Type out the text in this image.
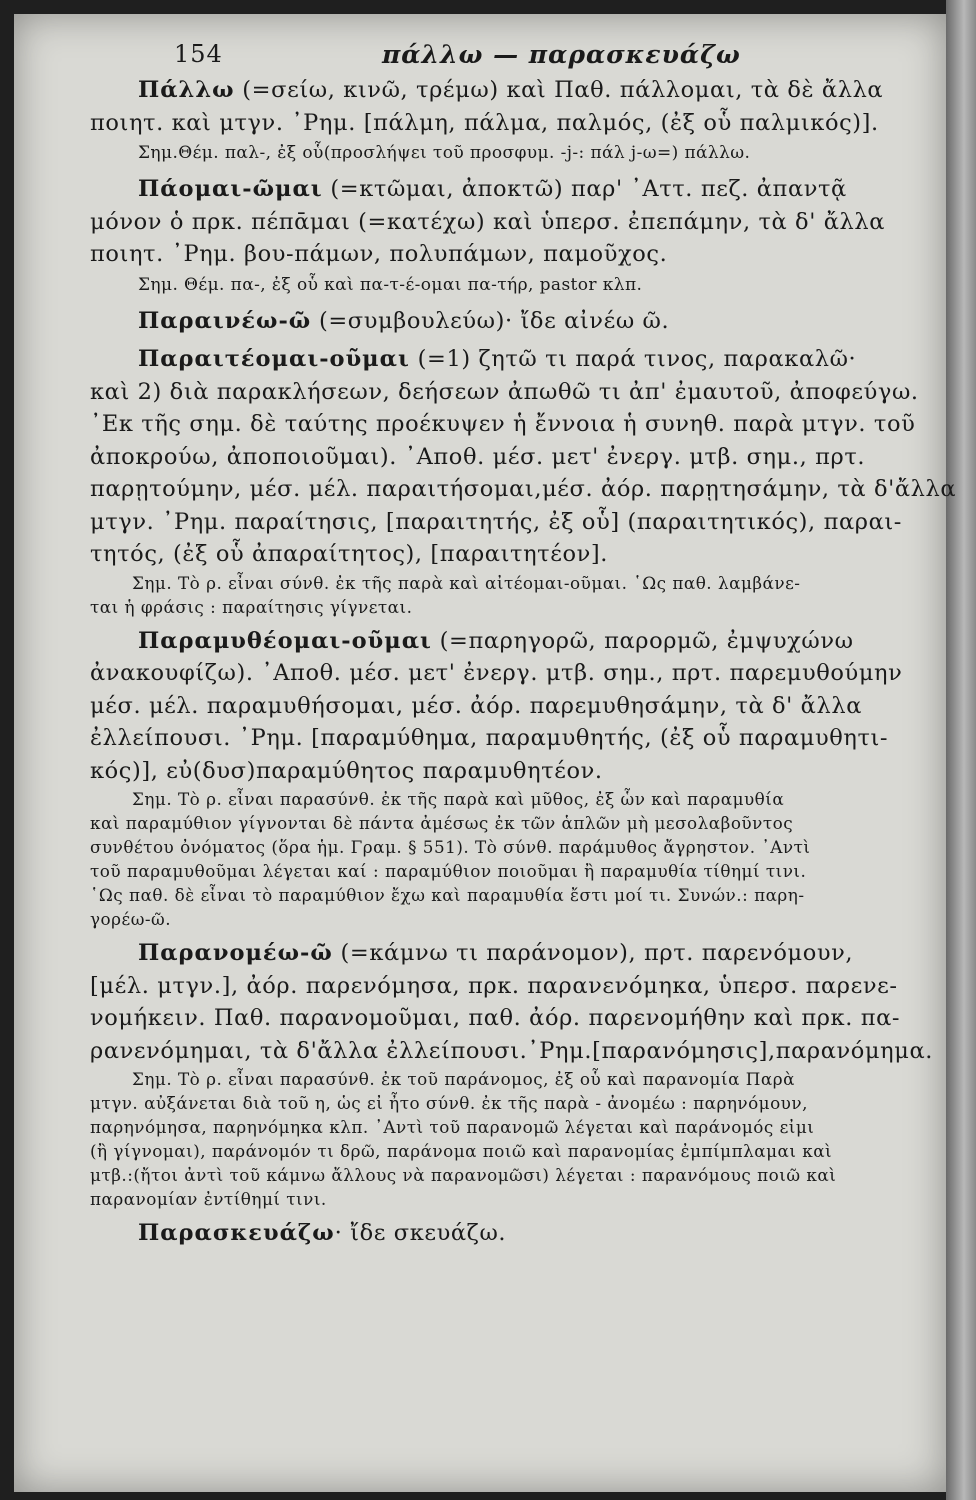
154	πάλλω — παρασκευάζω
Πάλλω (=σείω, κινῶ, τρέμω) καὶ Παθ. πάλλομαι, τὰ δὲ ἄλλα
ποιητ. καὶ μτγν. ᾿Ρημ. [πάλμη, πάλμα, παλμός, (ἐξ οὗ παλμικός)].
Σημ.Θέμ. παλ-, ἐξ οὗ(προσλήψει τοῦ προσφυμ. -j-: πάλ j-ω=) πάλλω.
Πάομαι-ῶμαι (=κτῶμαι, ἀποκτῶ) παρ' ᾿Αττ. πεζ. ἀπαντᾷ
μόνον ὁ πρκ. πέπᾱμαι (=κατέχω) καὶ ὑπερσ. ἐπεπάμην, τὰ δ' ἄλλα
ποιητ. ᾿Ρημ. βου-πάμων, πολυπάμων, παμοῦχος.
Σημ. Θέμ. πα-, ἐξ οὗ καὶ πα-τ-έ-ομαι πα-τήρ, pastor κλπ.
Παραινέω-ῶ (=συμβουλεύω)· ἴδε αἰνέω ῶ.
Παραιτέομαι-οῦμαι (=1) ζητῶ τι παρά τινος, παρακαλῶ·
καὶ 2) διὰ παρακλήσεων, δεήσεων ἀπωθῶ τι ἀπ' ἐμαυτοῦ, ἀποφεύγω.
᾿Εκ τῆς σημ. δὲ ταύτης προέκυψεν ἡ ἔννοια ἡ συνηθ. παρὰ μτγν. τοῦ
ἀποκρούω, ἀποποιοῦμαι). ᾿Αποθ. μέσ. μετ' ἐνεργ. μτβ. σημ., πρτ.
παρῃτούμην, μέσ. μέλ. παραιτήσομαι,μέσ. ἀόρ. παρῃτησάμην, τὰ δ'ἄλλα
μτγν. ᾿Ρημ. παραίτησις, [παραιτητής, ἐξ οὗ] (παραιτητικός), παραι-
τητός, (ἐξ οὗ ἀπαραίτητος), [παραιτητέον].
Σημ. Τὸ ρ. εἶναι σύνθ. ἐκ τῆς παρὰ καὶ αἰτέομαι-οῦμαι. ῾Ως παθ. λαμβάνε-
ται ἡ φράσις : παραίτησις γίγνεται.
Παραμυθέομαι-οῦμαι (=παρηγορῶ, παρορμῶ, ἐμψυχώνω
ἀνακουφίζω). ᾿Αποθ. μέσ. μετ' ἐνεργ. μτβ. σημ., πρτ. παρεμυθούμην
μέσ. μέλ. παραμυθήσομαι, μέσ. ἀόρ. παρεμυθησάμην, τὰ δ' ἄλλα
ἐλλείπουσι. ᾿Ρημ. [παραμύθημα, παραμυθητής, (ἐξ οὗ παραμυθητι-
κός)], εὐ(δυσ)παραμύθητος παραμυθητέον.
Σημ. Τὸ ρ. εἶναι παρασύνθ. ἐκ τῆς παρὰ καὶ μῦθος, ἐξ ὧν καὶ παραμυθία
καὶ παραμύθιον γίγνονται δὲ πάντα ἀμέσως ἐκ τῶν ἁπλῶν μὴ μεσολαβοῦντος
συνθέτου ὀνόματος (ὅρα ἡμ. Γραμ. § 551). Τὸ σύνθ. παράμυθος ἄγρηστον. ᾿Αντὶ
τοῦ παραμυθοῦμαι λέγεται καί : παραμύθιον ποιοῦμαι ἢ παραμυθία τίθημί τινι.
῾Ως παθ. δὲ εἶναι τὸ παραμύθιον ἔχω καὶ παραμυθία ἔστι μοί τι. Συνών.: παρη-
γορέω-ῶ.
Παρανομέω-ῶ (=κάμνω τι παράνομον), πρτ. παρενόμουν,
[μέλ. μτγν.], ἀόρ. παρενόμησα, πρκ. παρανενόμηκα, ὑπερσ. παρενε-
νομήκειν. Παθ. παρανομοῦμαι, παθ. ἀόρ. παρενομήθην καὶ πρκ. πα-
ρανενόμημαι, τὰ δ'ἄλλα ἐλλείπουσι.᾿Ρημ.[παρανόμησις],παρανόμημα.
Σημ. Τὸ ρ. εἶναι παρασύνθ. ἐκ τοῦ παράνομος, ἐξ οὗ καὶ παρανομία Παρὰ
μτγν. αὐξάνεται διὰ τοῦ η, ὡς εἰ ἦτο σύνθ. ἐκ τῆς παρὰ - ἀνομέω : παρηνόμουν,
παρηνόμησα, παρηνόμηκα κλπ. ᾿Αντὶ τοῦ παρανομῶ λέγεται καὶ παράνομός εἰμι
(ἢ γίγνομαι), παράνομόν τι δρῶ, παράνομα ποιῶ καὶ παρανομίας ἐμπίμπλαμαι καὶ
μτβ.:(ἤτοι ἀντὶ τοῦ κάμνω ἄλλους νὰ παρανομῶσι) λέγεται : παρανόμους ποιῶ καὶ
παρανομίαν ἐντίθημί τινι.
Παρασκευάζω· ἴδε σκευάζω.
